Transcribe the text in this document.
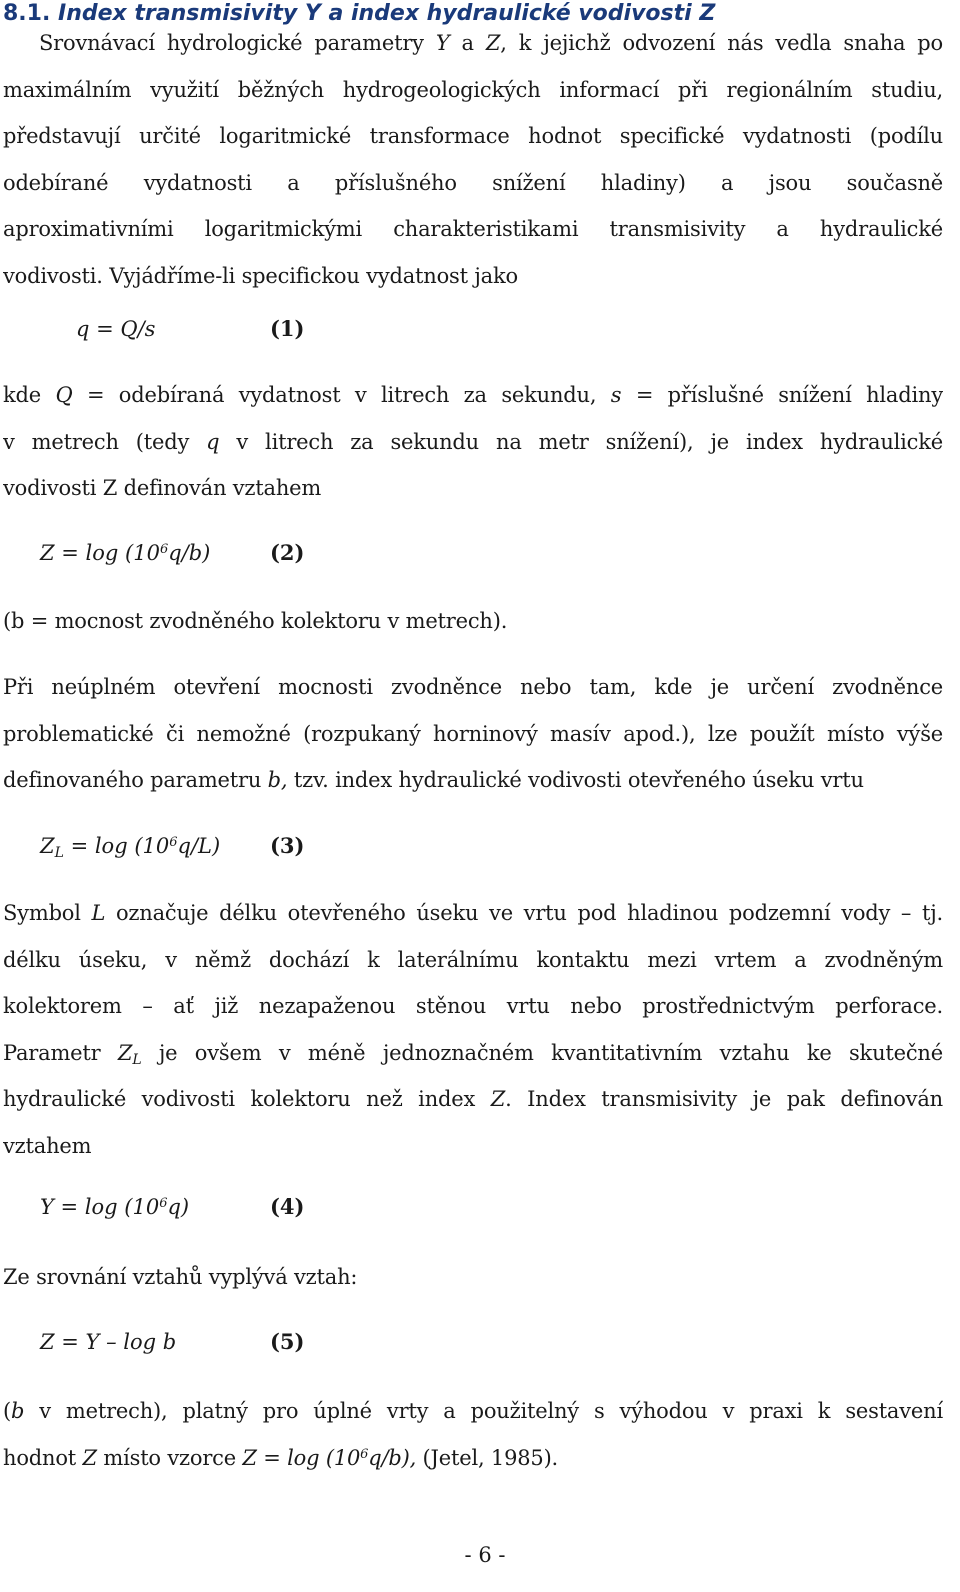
8.1. Index transmisivity Y a index hydraulické vodivosti Z
Srovnávací hydrologické parametry Y a Z, k jejichž odvození nás vedla snaha po
maximálním využití běžných hydrogeologických informací při regionálním studiu,
představují určité logaritmické transformace hodnot specifické vydatnosti (podílu
odebírané vydatnosti a příslušného snížení hladiny) a jsou současně
aproximativními logaritmickými charakteristikami transmisivity a hydraulické
vodivosti. Vyjádříme-li specifickou vydatnost jako
q = Q/s	(1)
kde Q = odebíraná vydatnost v litrech za sekundu, s = příslušné snížení hladiny
v metrech (tedy q v litrech za sekundu na metr snížení), je index hydraulické
vodivosti Z definován vztahem
$Z = \log (10^6q/b)$	(2)
(b = mocnost zvodněného kolektoru v metrech).
Při neúplném otevření mocnosti zvodněnce nebo tam, kde je určení zvodněnce
problematické či nemožné (rozpukaný horninový masív apod.), lze použít místo výše
definovaného parametru b, tzv. index hydraulické vodivosti otevřeného úseku vrtu
$Z_L = \log (10^6q/L)$ (3)
Symbol L označuje délku otevřeného úseku ve vrtu pod hladinou podzemní vody – tj.
délku úseku, v němž dochází k laterálnímu kontaktu mezi vrtem a zvodněným
kolektorem – ať již nezapaženou stěnou vrtu nebo prostřednictvým perforace.
Parametr $Z_L$ je ovšem v méně jednoznačném kvantitativním vztahu ke skutečné
hydraulické vodivosti kolektoru než index Z. Index transmisivity je pak definován
vztahem
$Y = \log (10^6q)$	(4)
Ze srovnání vztahů vyplývá vztah:
Z = Y – log b	(5)
(b v metrech), platný pro úplné vrty a použitelný s výhodou v praxi k sestavení
hodnot Z místo vzorce $Z = \log (10^6q/b)$, (Jetel, 1985).
- 6 -
